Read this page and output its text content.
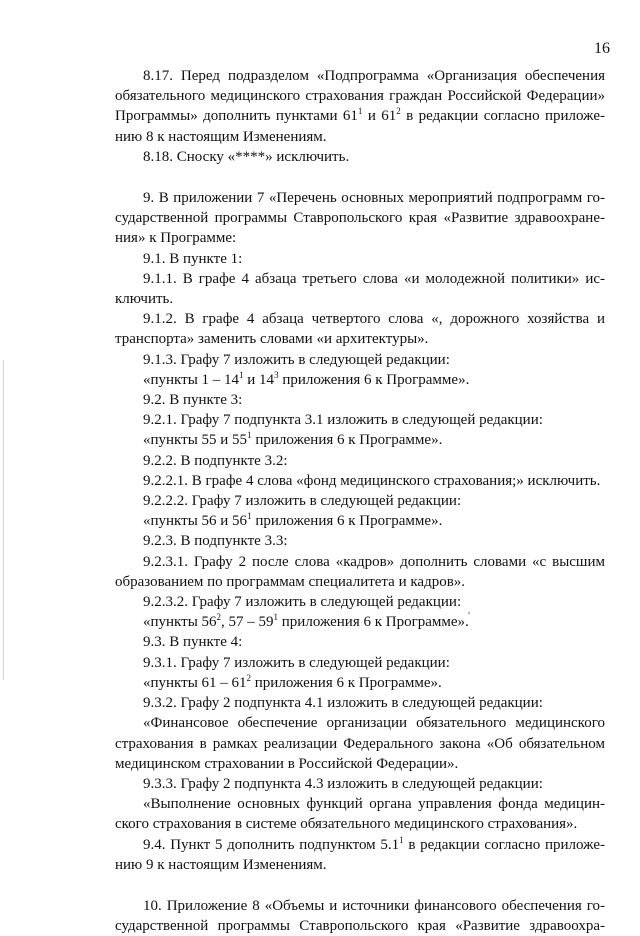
16
8.17. Перед подразделом «Подпрограмма «Организация обеспечения
обязательного медицинского страхования граждан Российской Федерации»
Программы» дополнить пунктами $61^1$ и $61^2$ в редакции согласно приложе-
нию 8 к настоящим Изменениям.
8.18. Сноску «****» исключить.
9. В приложении 7 «Перечень основных мероприятий подпрограмм го-
сударственной программы Ставропольского края «Развитие здравоохране-
ния» к Программе:
9.1. В пункте 1:
9.1.1. В графе 4 абзаца третьего слова «и молодежной политики» ис-
ключить.
9.1.2. В графе 4 абзаца четвертого слова «, дорожного хозяйства и
транспорта» заменить словами «и архитектуры».
9.1.3. Графу 7 изложить в следующей редакции:
«пункты $1 - 14^1$ и $14^3$ приложения 6 к Программе».
9.2. В пункте 3:
9.2.1. Графу 7 подпункта 3.1 изложить в следующей редакции:
«пункты 55 и $55^1$ приложения 6 к Программе».
9.2.2. В подпункте 3.2:
9.2.2.1. В графе 4 слова «фонд медицинского страхования;» исключить.
9.2.2.2. Графу 7 изложить в следующей редакции:
«пункты 56 и $56^1$ приложения 6 к Программе».
9.2.3. В подпункте 3.3:
9.2.3.1. Графу 2 после слова «кадров» дополнить словами «с высшим
образованием по программам специалитета и кадров».
9.2.3.2. Графу 7 изложить в следующей редакции:
«пункты $56^2$, $57 - 59^1$ приложения 6 к Программе».
9.3. В пункте 4:
9.3.1. Графу 7 изложить в следующей редакции:
«пункты $61 - 61^2$ приложения 6 к Программе».
9.3.2. Графу 2 подпункта 4.1 изложить в следующей редакции:
«Финансовое обеспечение организации обязательного медицинского
страхования в рамках реализации Федерального закона «Об обязательном
медицинском страховании в Российской Федерации».
9.3.3. Графу 2 подпункта 4.3 изложить в следующей редакции:
«Выполнение основных функций органа управления фонда медицин-
ского страхования в системе обязательного медицинского страхования».
9.4. Пункт 5 дополнить подпунктом $5.1^1$ в редакции согласно приложе-
нию 9 к настоящим Изменениям.
10. Приложение 8 «Объемы и источники финансового обеспечения го-
сударственной программы Ставропольского края «Развитие здравоохра-
